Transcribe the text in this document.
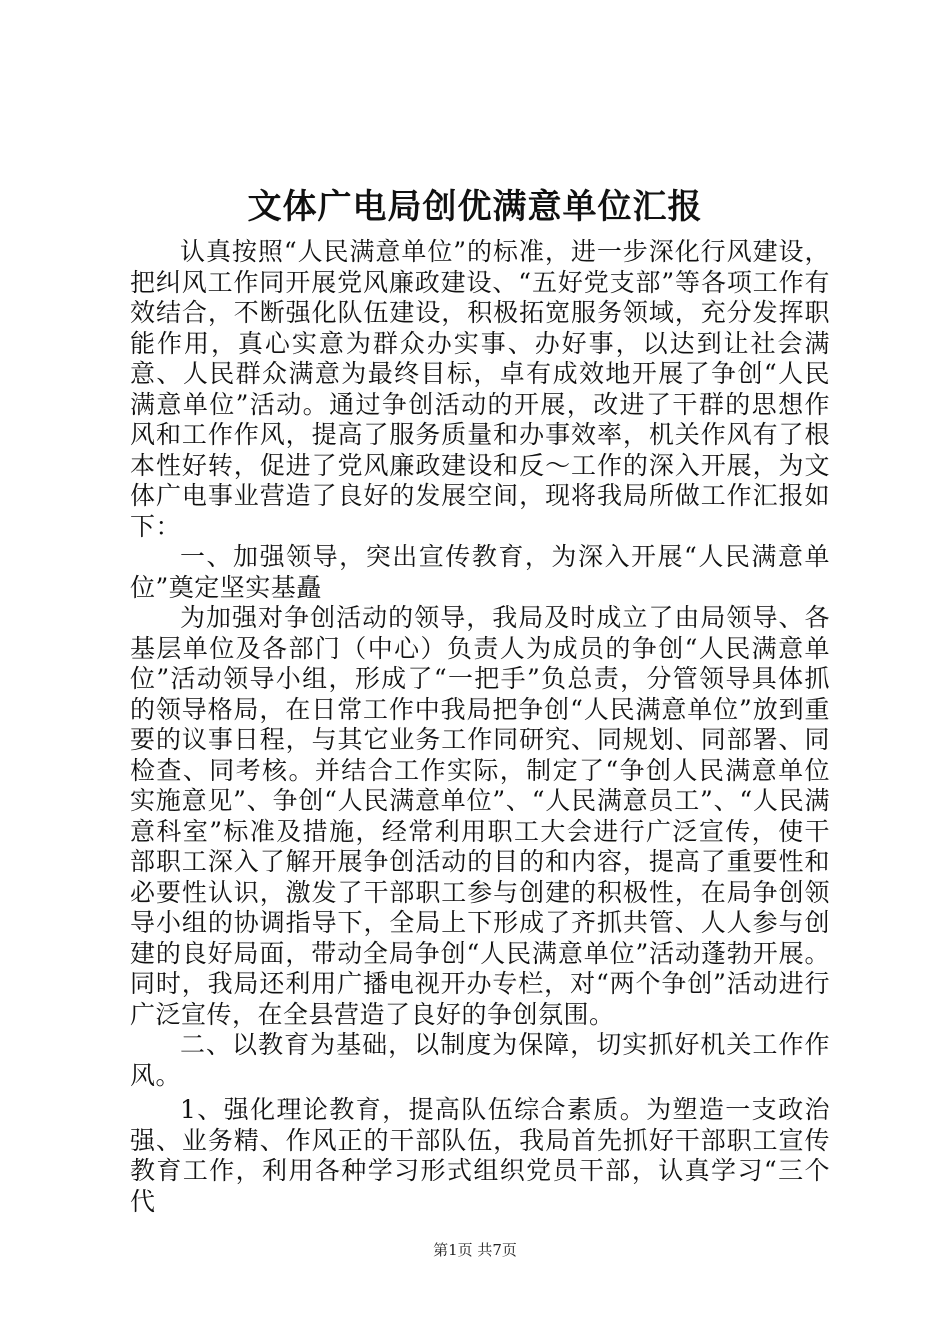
文体广电局创优满意单位汇报

认真按照“人民满意单位”的标准，进一步深化行风建设，把纠风工作同开展党风廉政建设、“五好党支部”等各项工作有效结合，不断强化队伍建设，积极拓宽服务领域，充分发挥职能作用，真心实意为群众办实事、办好事，以达到让社会满意、人民群众满意为最终目标，卓有成效地开展了争创“人民满意单位”活动。通过争创活动的开展，改进了干群的思想作风和工作作风，提高了服务质量和办事效率，机关作风有了根本性好转，促进了党风廉政建设和反～工作的深入开展，为文体广电事业营造了良好的发展空间，现将我局所做工作汇报如下：

一、加强领导，突出宣传教育，为深入开展“人民满意单位”奠定坚实基矗

为加强对争创活动的领导，我局及时成立了由局领导、各基层单位及各部门（中心）负责人为成员的争创“人民满意单位”活动领导小组，形成了“一把手”负总责，分管领导具体抓的领导格局，在日常工作中我局把争创“人民满意单位”放到重要的议事日程，与其它业务工作同研究、同规划、同部署、同检查、同考核。并结合工作实际，制定了“争创人民满意单位实施意见”、争创“人民满意单位”、“人民满意员工”、“人民满意科室”标准及措施，经常利用职工大会进行广泛宣传，使干部职工深入了解开展争创活动的目的和内容，提高了重要性和必要性认识，激发了干部职工参与创建的积极性，在局争创领导小组的协调指导下，全局上下形成了齐抓共管、人人参与创建的良好局面，带动全局争创“人民满意单位”活动蓬勃开展。同时，我局还利用广播电视开办专栏，对“两个争创”活动进行广泛宣传，在全县营造了良好的争创氛围。

二、以教育为基础，以制度为保障，切实抓好机关工作作风。

1、强化理论教育，提高队伍综合素质。为塑造一支政治强、业务精、作风正的干部队伍，我局首先抓好干部职工宣传教育工作，利用各种学习形式组织党员干部，认真学习“三个代

第1页 共7页
